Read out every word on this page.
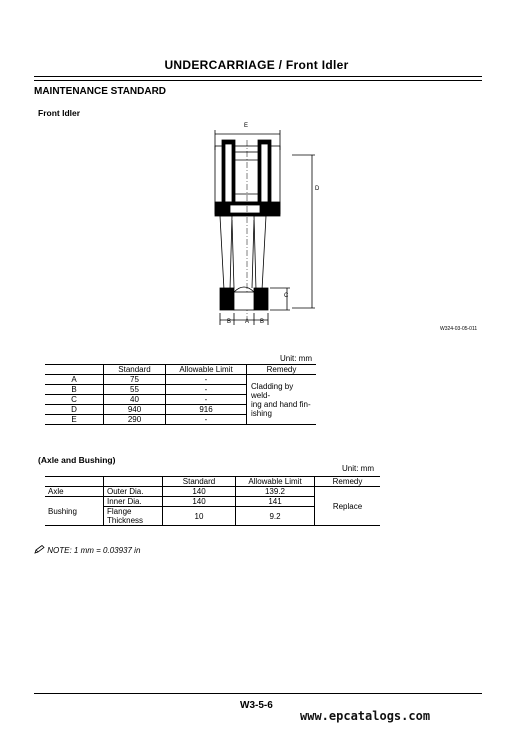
UNDERCARRIAGE / Front Idler
MAINTENANCE STANDARD
Front Idler
E
D
C
B A B
W324-03-05-011
Unit: mm
	Standard	Allowable Limit	Remedy
A	75	-	Cladding by weld-
ing and hand fin-
ishing

B	55	-	
C	40	-	
D	940	916	
E	290	-	
(Axle and Bushing)
Unit: mm
		Standard	Allowable Limit	Remedy
Axle	Outer Dia.	140	139.2	Replace
Bushing	Inner Dia.	140	141	

	Flange
Thickness	10	9.2	
NOTE: 1 mm = 0.03937 in
W3-5-6
www.epcatalogs.com
